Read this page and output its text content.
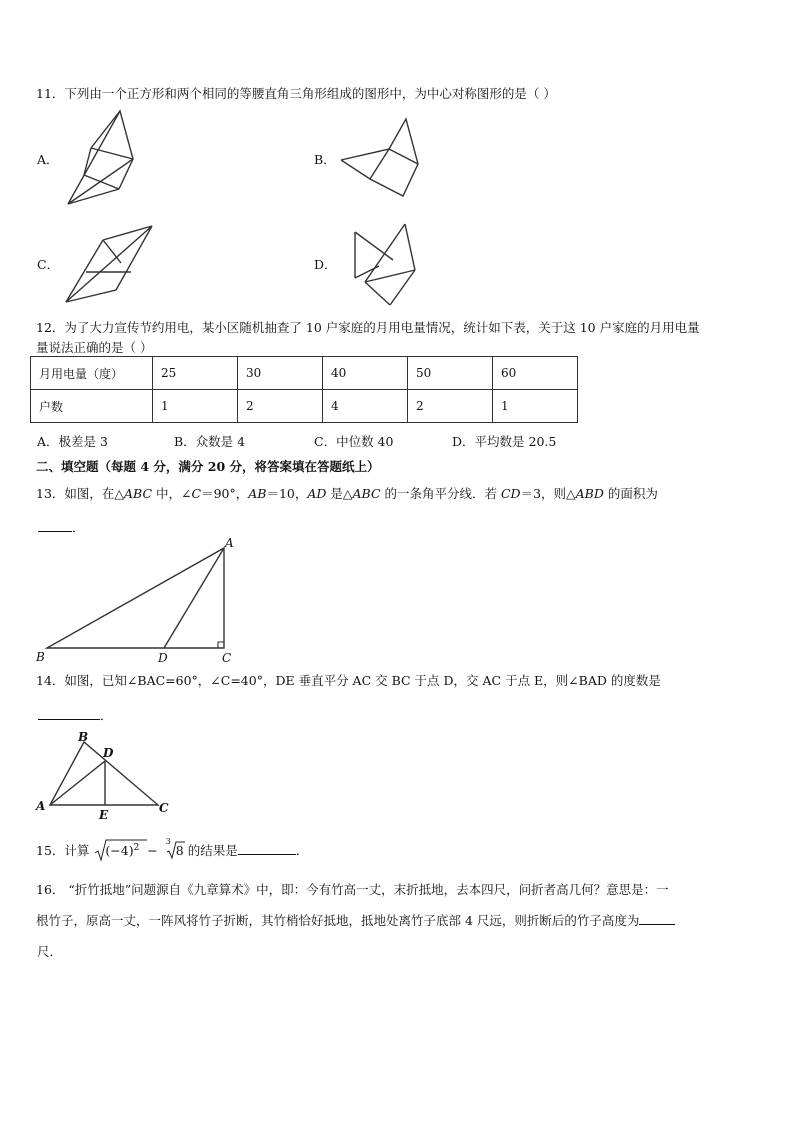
11．下列由一个正方形和两个相同的等腰直角三角形组成的图形中，为中心对称图形的是（ ）
A．	B．
C．	D．
12．为了大力宣传节约用电，某小区随机抽查了 10 户家庭的月用电量情况，统计如下表，关于这 10 户家庭的月用电量
量说法正确的是（ ）
月用电量（度）	25	30	40	50	60
户数	1	2	4	2	1
A．极差是 3	B．众数是 4	C．中位数 40	D．平均数是 20.5
二、填空题（每题 4 分，满分 20 分，将答案填在答题纸上）
13．如图，在△ABC 中，∠C＝90°，AB＝10，AD 是△ABC 的一条角平分线．若 CD＝3，则△ABD 的面积为
．
A
B	D	C
14．如图，已知∠BAC=60°，∠C=40°，DE 垂直平分 AC 交 BC 于点 D，交 AC 于点 E，则∠BAD 的度数是
．
B
D
A
E	C
15．计算 $(-4)^2$ −
3
8 的结果是	．
16． “折竹抵地”问题源自《九章算术》中，即：今有竹高一丈，末折抵地，去本四尺，问折者高几何？意思是：一
根竹子，原高一丈，一阵风将竹子折断，其竹梢恰好抵地，抵地处离竹子底部 4 尺远，则折断后的竹子高度为
尺．
